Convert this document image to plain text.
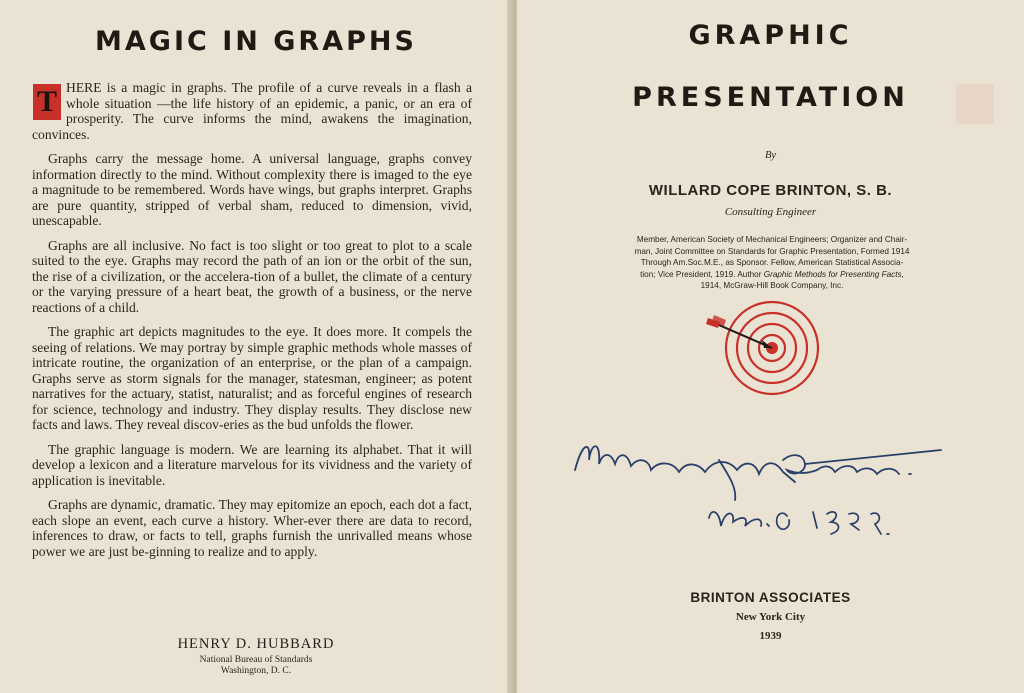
MAGIC IN GRAPHS

T HERE is a magic in graphs. The profile of a curve reveals in a flash a whole situation —the life history of an epidemic, a panic, or an era of prosperity. The curve informs the mind, awakens the imagination, convinces.

Graphs carry the message home. A universal language, graphs convey information directly to the mind. Without complexity there is imaged to the eye a magnitude to be remembered. Words have wings, but graphs interpret. Graphs are pure quantity, stripped of verbal sham, reduced to dimension, vivid, unescapable.

Graphs are all inclusive. No fact is too slight or too great to plot to a scale suited to the eye. Graphs may record the path of an ion or the orbit of the sun, the rise of a civilization, or the accelera-tion of a bullet, the climate of a century or the varying pressure of a heart beat, the growth of a business, or the nerve reactions of a child.

The graphic art depicts magnitudes to the eye. It does more. It compels the seeing of relations. We may portray by simple graphic methods whole masses of intricate routine, the organization of an enterprise, or the plan of a campaign. Graphs serve as storm signals for the manager, statesman, engineer; as potent narratives for the actuary, statist, naturalist; and as forceful engines of research for science, technology and industry. They display results. They disclose new facts and laws. They reveal discov-eries as the bud unfolds the flower.

The graphic language is modern. We are learning its alphabet. That it will develop a lexicon and a literature marvelous for its vividness and the variety of application is inevitable.

Graphs are dynamic, dramatic. They may epitomize an epoch, each dot a fact, each slope an event, each curve a history. Wher-ever there are data to record, inferences to draw, or facts to tell, graphs furnish the unrivalled means whose power we are just be-ginning to realize and to apply.

HENRY D. HUBBARD
National Bureau of Standards
Washington, D. C.
GRAPHIC
PRESENTATION
By
WILLARD COPE BRINTON, S. B.
Consulting Engineer
Member, American Society of Mechanical Engineers; Organizer and Chair-
man, Joint Committee on Standards for Graphic Presentation, Formed 1914
Through Am.Soc.M.E., as Sponsor. Fellow, American Statistical Associa-
tion; Vice President, 1919. Author Graphic Methods for Presenting Facts,
1914, McGraw-Hill Book Company, Inc.
BRINTON ASSOCIATES
New York City
1939
